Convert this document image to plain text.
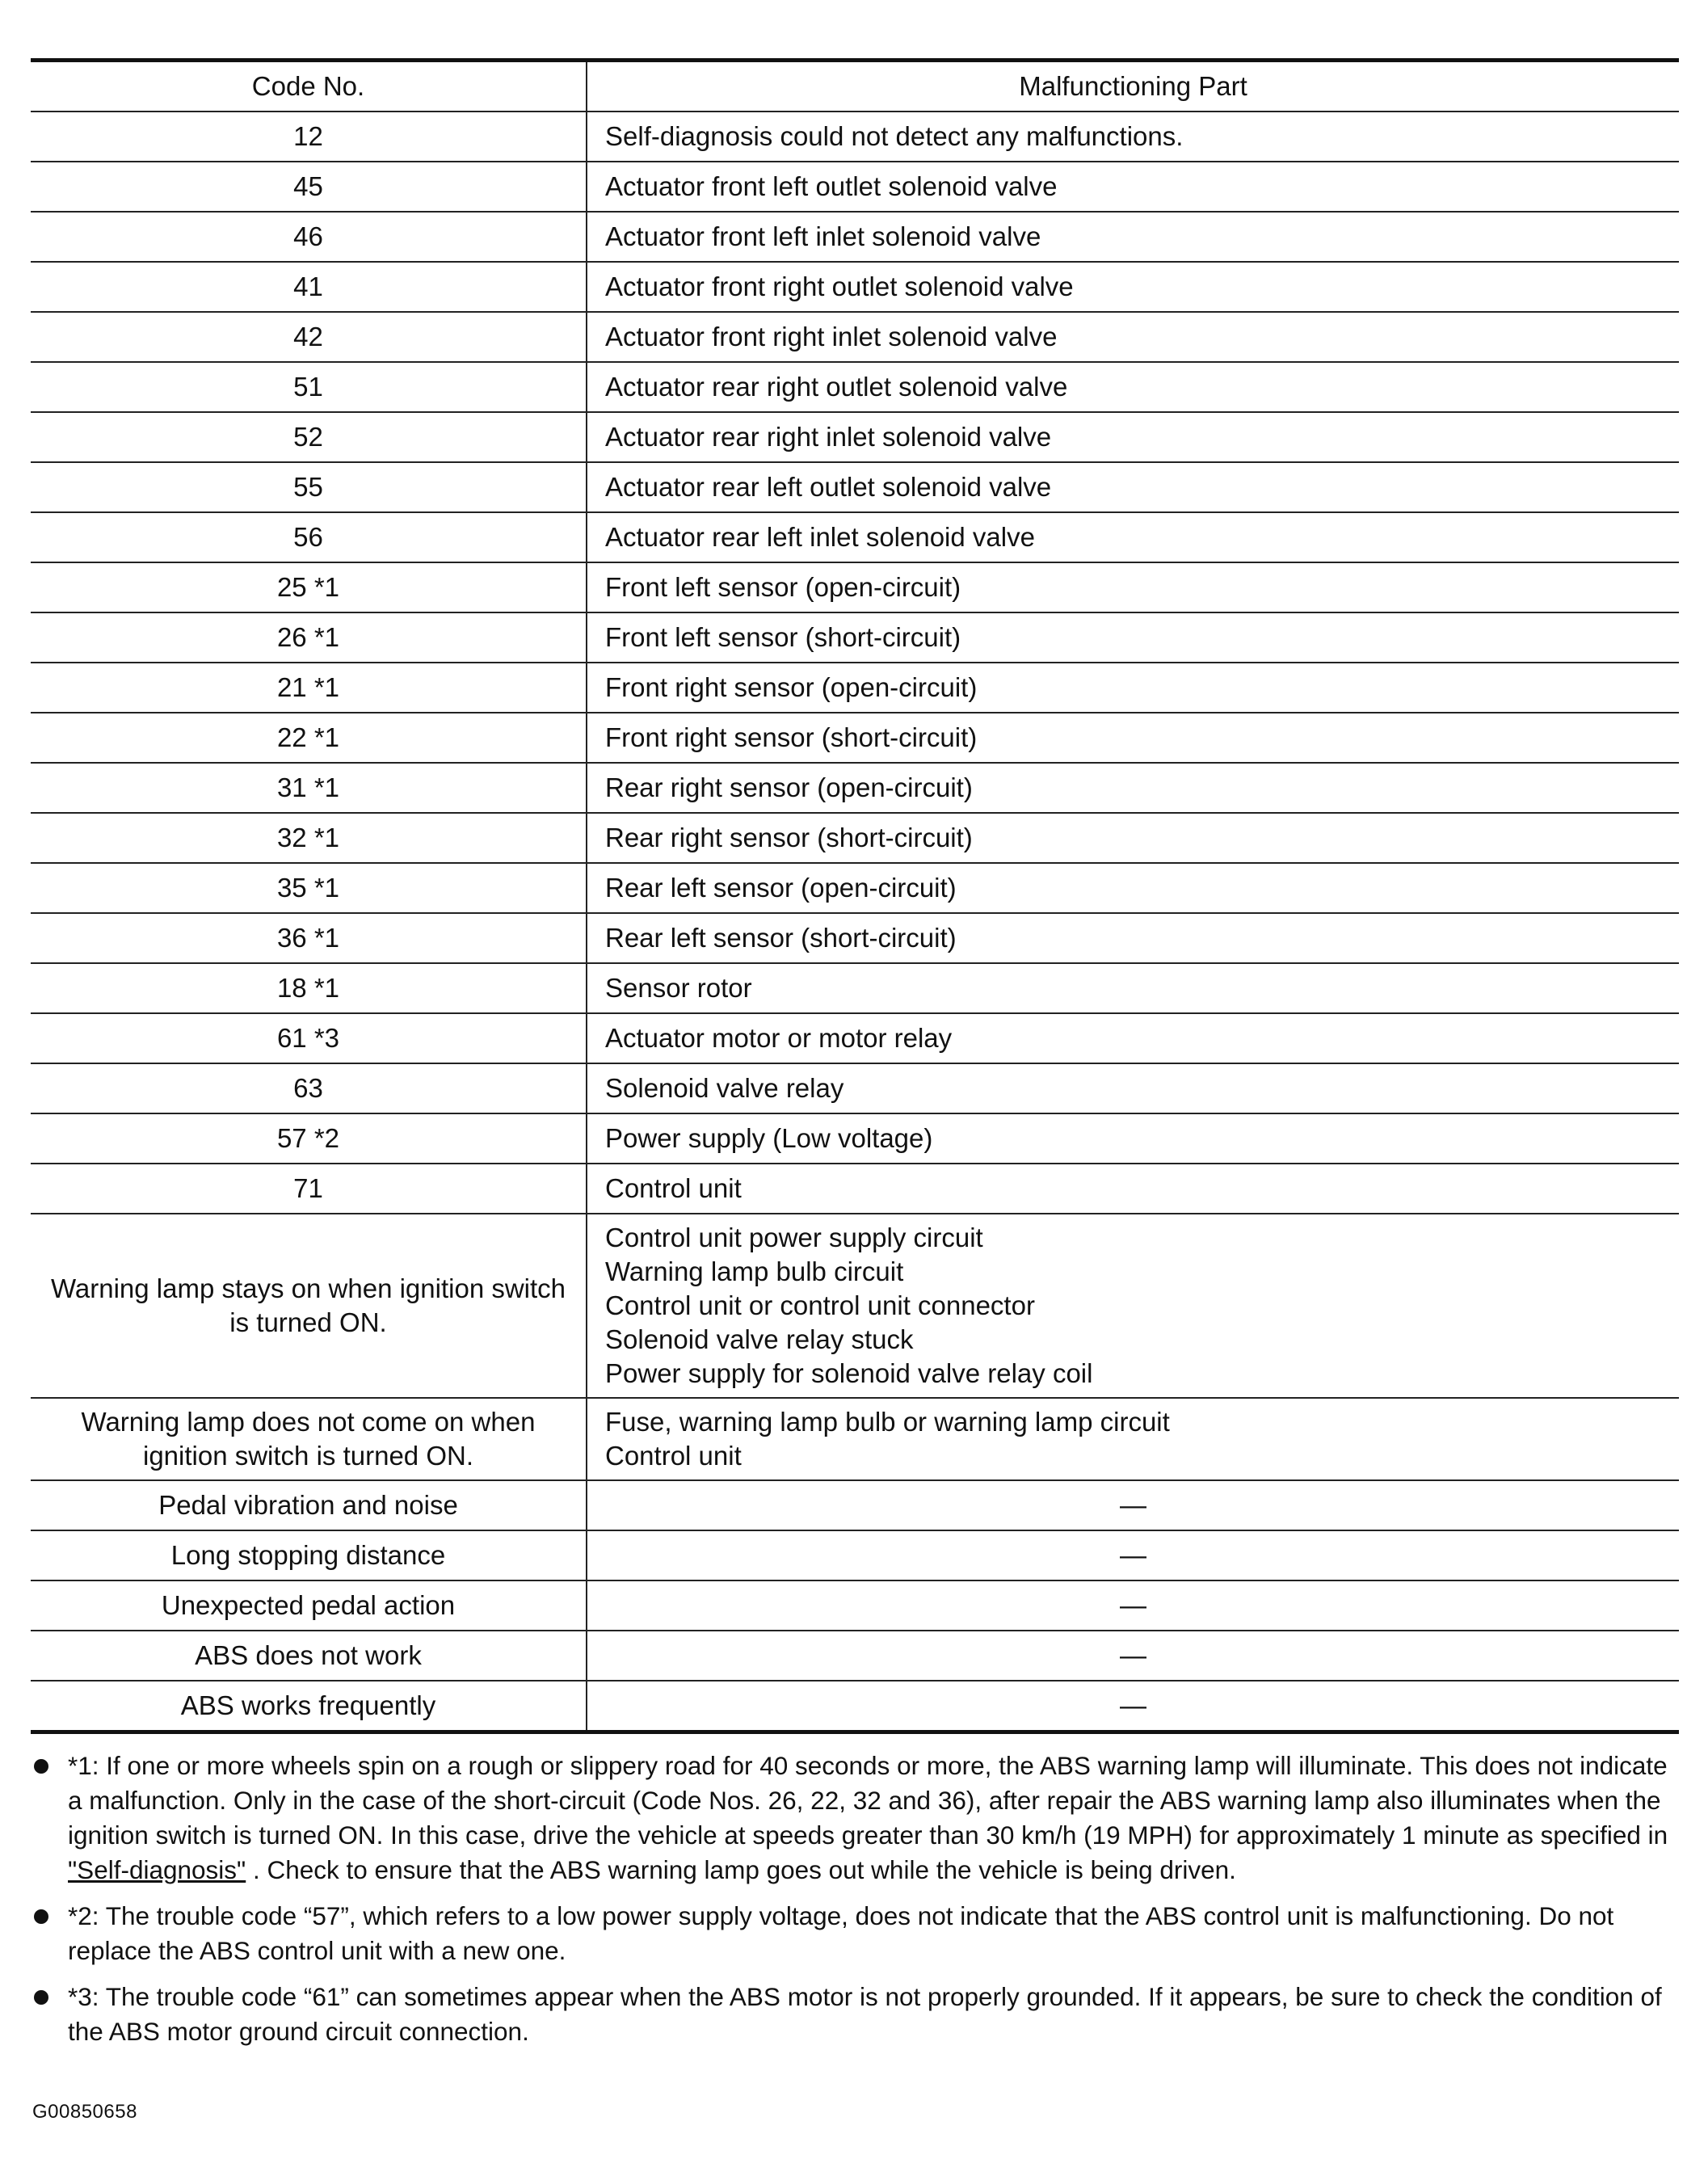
Code No.	Malfunctioning Part
12	Self-diagnosis could not detect any malfunctions.

45	Actuator front left outlet solenoid valve

46	Actuator front left inlet solenoid valve

41	Actuator front right outlet solenoid valve

42	Actuator front right inlet solenoid valve

51	Actuator rear right outlet solenoid valve

52	Actuator rear right inlet solenoid valve

55	Actuator rear left outlet solenoid valve

56	Actuator rear left inlet solenoid valve

25 *1	Front left sensor (open-circuit)

26 *1	Front left sensor (short-circuit)

21 *1	Front right sensor (open-circuit)

22 *1	Front right sensor (short-circuit)

31 *1	Rear right sensor (open-circuit)

32 *1	Rear right sensor (short-circuit)

35 *1	Rear left sensor (open-circuit)

36 *1	Rear left sensor (short-circuit)

18 *1	Sensor rotor

61 *3	Actuator motor or motor relay

63	Solenoid valve relay

57 *2	Power supply (Low voltage)

71	Control unit

Warning lamp stays on when ignition switch is turned ON.	Control unit power supply circuit
Warning lamp bulb circuit
Control unit or control unit connector
Solenoid valve relay stuck
Power supply for solenoid valve relay coil

Warning lamp does not come on when ignition switch is turned ON.	Fuse, warning lamp bulb or warning lamp circuit
Control unit

Pedal vibration and noise	—

Long stopping distance	—

Unexpected pedal action	—

ABS does not work	—

ABS works frequently	—
*1: If one or more wheels spin on a rough or slippery road for 40 seconds or more, the ABS warning lamp will illuminate. This does not indicate a malfunction. Only in the case of the short-circuit (Code Nos. 26, 22, 32 and 36), after repair the ABS warning lamp also illuminates when the ignition switch is turned ON. In this case, drive the vehicle at speeds greater than 30 km/h (19 MPH) for approximately 1 minute as specified in "Self-diagnosis" . Check to ensure that the ABS warning lamp goes out while the vehicle is being driven.
*2: The trouble code “57”, which refers to a low power supply voltage, does not indicate that the ABS control unit is malfunctioning. Do not replace the ABS control unit with a new one.
*3: The trouble code “61” can sometimes appear when the ABS motor is not properly grounded. If it appears, be sure to check the condition of the ABS motor ground circuit connection.
G00850658
